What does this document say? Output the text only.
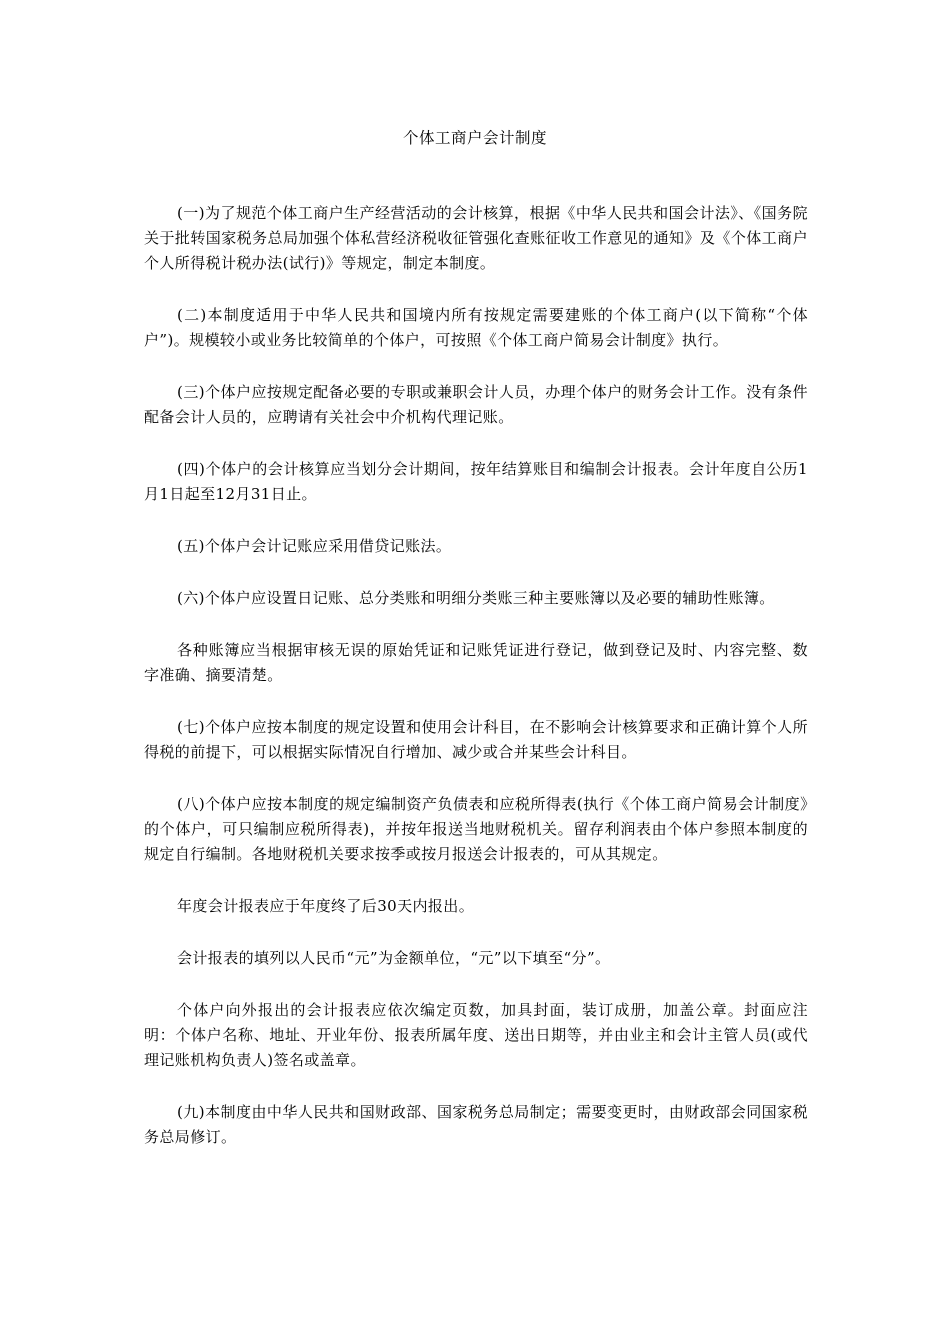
个体工商户会计制度

(一)为了规范个体工商户生产经营活动的会计核算，根据《中华人民共和国会计法》、《国务院关于批转国家税务总局加强个体私营经济税收征管强化查账征收工作意见的通知》及《个体工商户个人所得税计税办法(试行)》等规定，制定本制度。

(二)本制度适用于中华人民共和国境内所有按规定需要建账的个体工商户(以下简称“个体户”)。规模较小或业务比较简单的个体户，可按照《个体工商户简易会计制度》执行。

(三)个体户应按规定配备必要的专职或兼职会计人员，办理个体户的财务会计工作。没有条件配备会计人员的，应聘请有关社会中介机构代理记账。

(四)个体户的会计核算应当划分会计期间，按年结算账目和编制会计报表。会计年度自公历1月1日起至12月31日止。

(五)个体户会计记账应采用借贷记账法。

(六)个体户应设置日记账、总分类账和明细分类账三种主要账簿以及必要的辅助性账簿。

各种账簿应当根据审核无误的原始凭证和记账凭证进行登记，做到登记及时、内容完整、数字准确、摘要清楚。

(七)个体户应按本制度的规定设置和使用会计科目，在不影响会计核算要求和正确计算个人所得税的前提下，可以根据实际情况自行增加、减少或合并某些会计科目。

(八)个体户应按本制度的规定编制资产负债表和应税所得表(执行《个体工商户简易会计制度》的个体户，可只编制应税所得表)，并按年报送当地财税机关。留存利润表由个体户参照本制度的规定自行编制。各地财税机关要求按季或按月报送会计报表的，可从其规定。

年度会计报表应于年度终了后30天内报出。

会计报表的填列以人民币“元”为金额单位，“元”以下填至“分”。

个体户向外报出的会计报表应依次编定页数，加具封面，装订成册，加盖公章。封面应注明：个体户名称、地址、开业年份、报表所属年度、送出日期等，并由业主和会计主管人员(或代理记账机构负责人)签名或盖章。

(九)本制度由中华人民共和国财政部、国家税务总局制定；需要变更时，由财政部会同国家税务总局修订。
